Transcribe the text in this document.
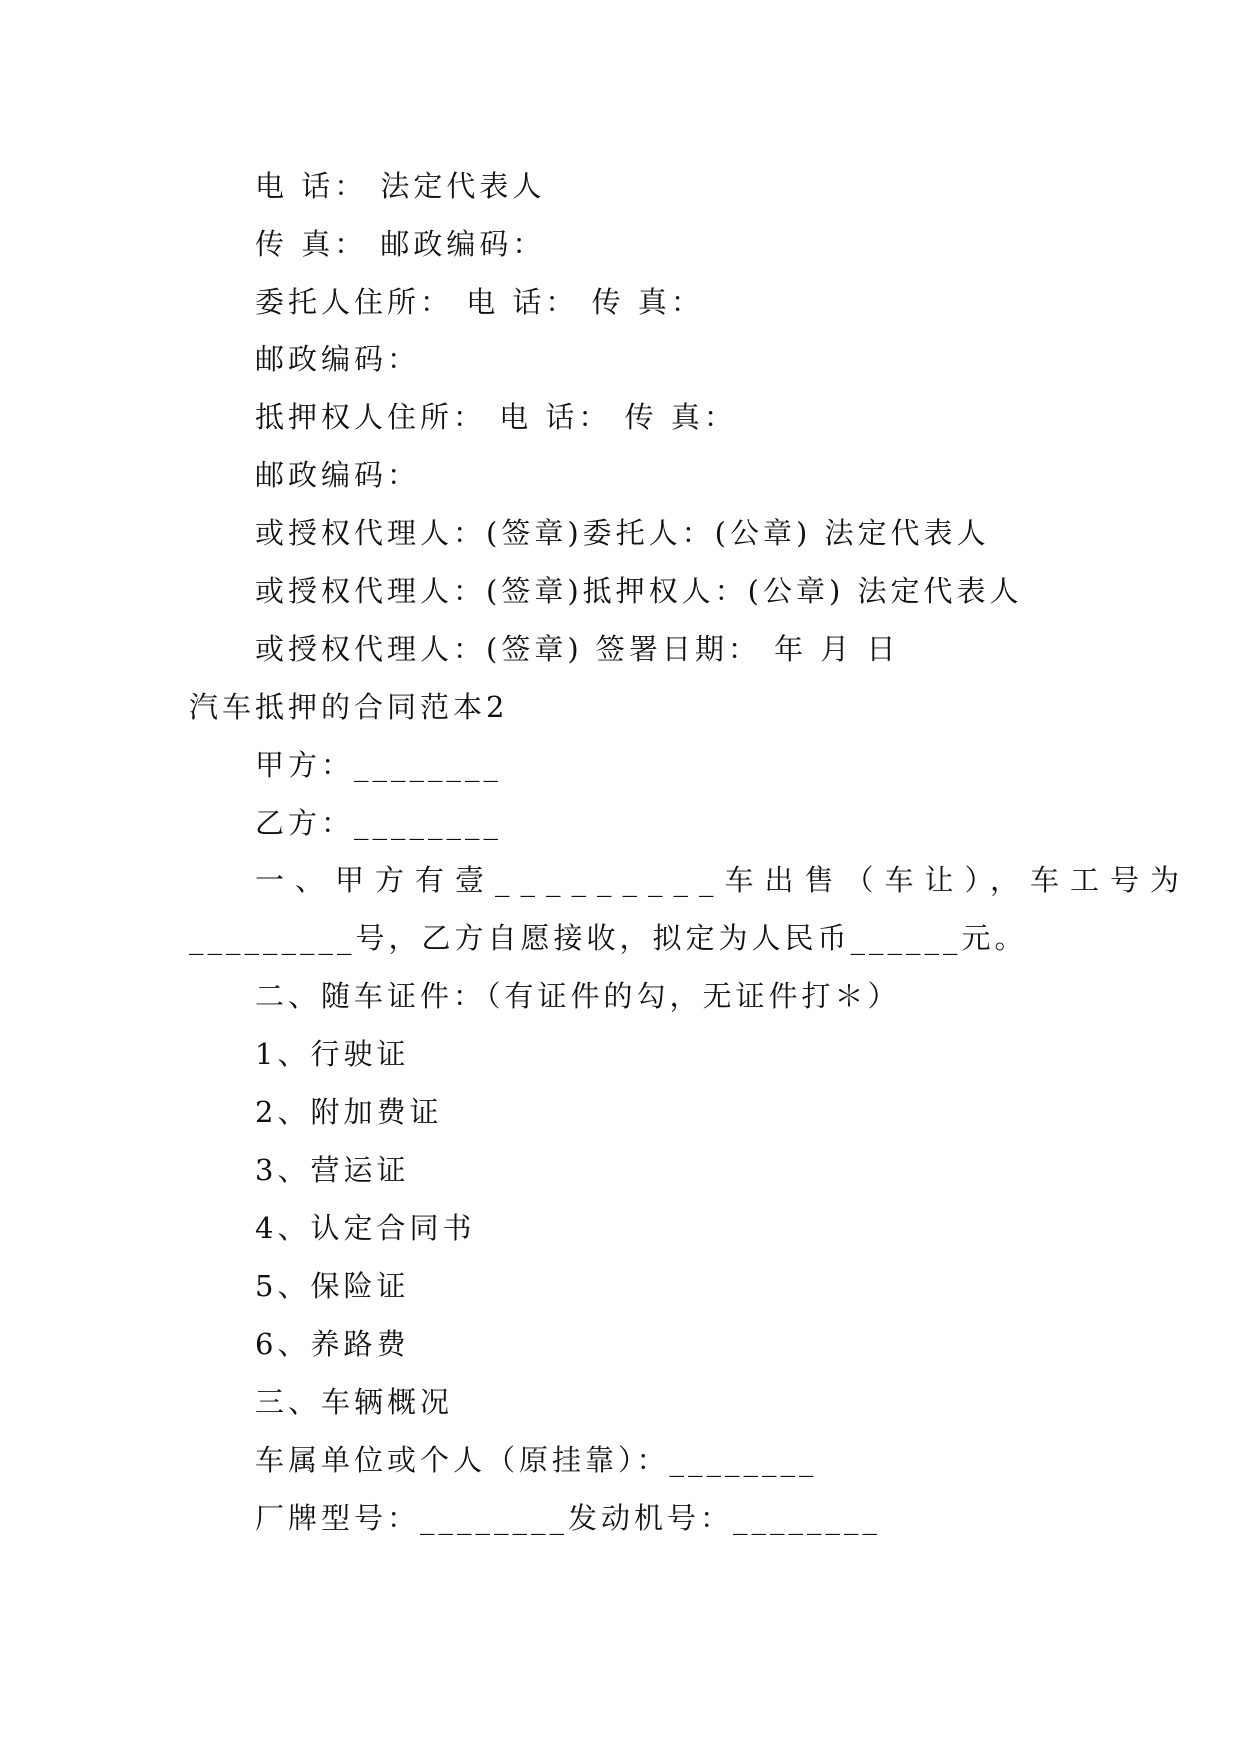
电 话： 法定代表人
传 真： 邮政编码：
委托人住所： 电 话： 传 真：
邮政编码：
抵押权人住所： 电 话： 传 真：
邮政编码：
或授权代理人：(签章)委托人：(公章) 法定代表人
或授权代理人：(签章)抵押权人：(公章) 法定代表人
或授权代理人：(签章) 签署日期： 年 月 日
汽车抵押的合同范本2
甲方：________
乙方：________
一、甲方有壹_________车出售（车让），车工号为
_________号，乙方自愿接收，拟定为人民币______元。
二、随车证件：（有证件的勾，无证件打＊）
1、行驶证
2、附加费证
3、营运证
4、认定合同书
5、保险证
6、养路费
三、车辆概况
车属单位或个人（原挂靠）：________
厂牌型号：________发动机号：________
